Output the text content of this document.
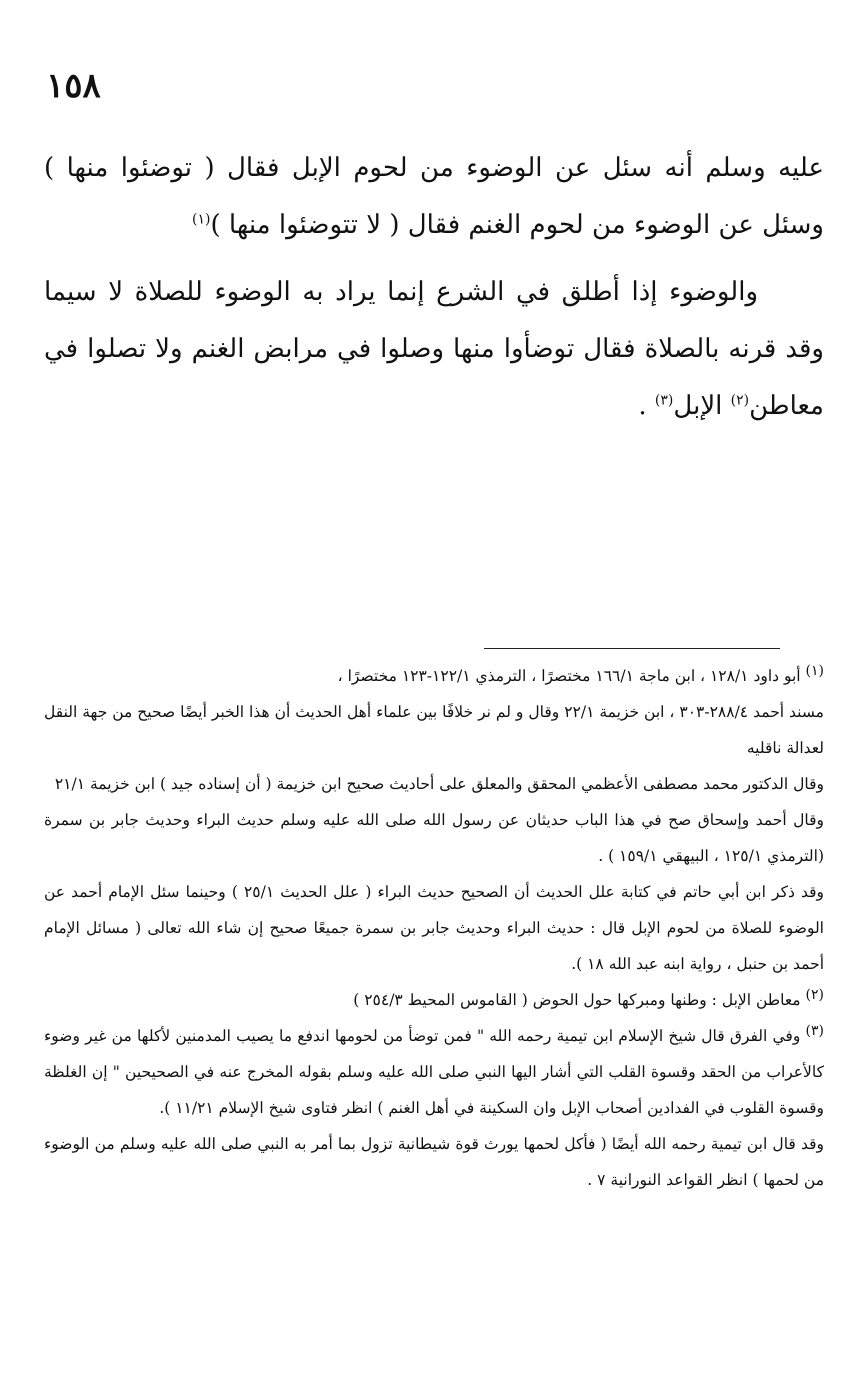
١٥٨

عليه وسلم أنه سئل عن الوضوء من لحوم الإبل فقال ( توضئوا منها ) وسئل عن الوضوء من لحوم الغنم فقال ( لا تتوضئوا منها )$^{(١)}$

والوضوء إذا أطلق في الشرع إنما يراد به الوضوء للصلاة لا سيما وقد قرنه بالصلاة فقال توضأوا منها وصلوا في مرابض الغنم ولا تصلوا في معاطن$^{(٢)}$ الإبل$^{(٣)}$ .

$^{(١)}$ أبو داود ١٢٨/١ ، ابن ماجة ١٦٦/١ مختصرًا ، الترمذي ١٢٢/١-١٢٣ مختصرًا ،

مسند أحمد ٢٨٨/٤-٣٠٣ ، ابن خزيمة ٢٢/١ وقال و لم نر خلافًا بين علماء أهل الحديث أن هذا الخبر أيضًا صحيح من جهة النقل لعدالة ناقليه

وقال الدكتور محمد مصطفى الأعظمي المحقق والمعلق على أحاديث صحيح ابن خزيمة ( أن إسناده جيد ) ابن خزيمة ٢١/١

وقال أحمد وإسحاق صح في هذا الباب حديثان عن رسول الله صلى الله عليه وسلم حديث البراء وحديث جابر بن سمرة (الترمذي ١٢٥/١ ، البيهقي ١٥٩/١ ) .

وقد ذكر ابن أبي حاتم في كتابة علل الحديث أن الصحيح حديث البراء ( علل الحديث ٢٥/١ ) وحينما سئل الإمام أحمد عن الوضوء للصلاة من لحوم الإبل قال : حديث البراء وحديث جابر بن سمرة جميعًا صحيح إن شاء الله تعالى ( مسائل الإمام أحمد بن حنبل ، رواية ابنه عبد الله ١٨ ).

$^{(٢)}$ معاطن الإبل : وطنها ومبركها حول الحوض ( القاموس المحيط ٢٥٤/٣ )

$^{(٣)}$ وفي الفرق قال شيخ الإسلام ابن تيمية رحمه الله " فمن توضأ من لحومها اندفع ما يصيب المدمنين لأكلها من غير وضوء كالأعراب من الحقد وقسوة القلب التي أشار اليها النبي صلى الله عليه وسلم بقوله المخرج عنه في الصحيحين " إن الغلظة وقسوة القلوب في الفدادين أصحاب الإبل وان السكينة في أهل الغنم ) انظر فتاوى شيخ الإسلام ١١/٢١ ).

وقد قال ابن تيمية رحمه الله أيضًا ( فأكل لحمها يورث قوة شيطانية تزول بما أمر به النبي صلى الله عليه وسلم من الوضوء من لحمها ) انظر القواعد النورانية ٧ .
